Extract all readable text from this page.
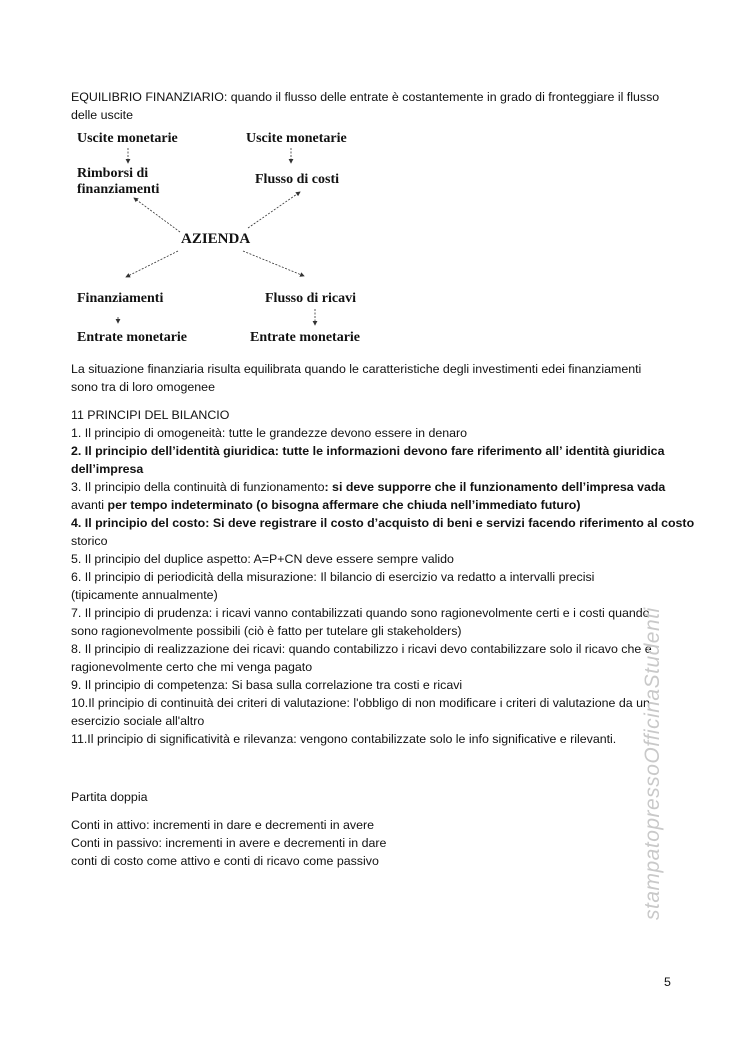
EQUILIBRIO FINANZIARIO: quando il flusso delle entrate è costantemente in grado di fronteggiare il flusso
delle uscite
Uscite monetarie
Rimborsi di
finanziamenti
Uscite monetarie
Flusso di costi
AZIENDA
Finanziamenti
Entrate monetarie
Flusso di ricavi
Entrate monetarie
La situazione finanziaria risulta equilibrata quando le caratteristiche degli investimenti edei finanziamenti
sono tra di loro omogenee
11 PRINCIPI DEL BILANCIO
1. Il principio di omogeneità: tutte le grandezze devono essere in denaro
2. Il principio dell’identità giuridica: tutte le informazioni devono fare riferimento all’ identità giuridica
dell’impresa
3. Il principio della continuità di funzionamento: si deve supporre che il funzionamento dell’impresa vada
avanti per tempo indeterminato (o bisogna affermare che chiuda nell’immediato futuro)
4. Il principio del costo: Si deve registrare il costo d’acquisto di beni e servizi facendo riferimento al costo
storico
5. Il principio del duplice aspetto: A=P+CN deve essere sempre valido
6. Il principio di periodicità della misurazione: Il bilancio di esercizio va redatto a intervalli precisi
(tipicamente annualmente)
7. Il principio di prudenza: i ricavi vanno contabilizzati quando sono ragionevolmente certi e i costi quando
sono ragionevolmente possibili (ciò è fatto per tutelare gli stakeholders)
8. Il principio di realizzazione dei ricavi: quando contabilizzo i ricavi devo contabilizzare solo il ricavo che è
ragionevolmente certo che mi venga pagato
9. Il principio di competenza: Si basa sulla correlazione tra costi e ricavi
10.Il principio di continuità dei criteri di valutazione: l'obbligo di non modificare i criteri di valutazione da un
esercizio sociale all'altro
11.Il principio di significatività e rilevanza: vengono contabilizzate solo le info significative e rilevanti.
Partita doppia
Conti in attivo: incrementi in dare e decrementi in avere
Conti in passivo: incrementi in avere e decrementi in dare
conti di costo come attivo e conti di ricavo come passivo	stampatopressoOfficinaStudenti
5
